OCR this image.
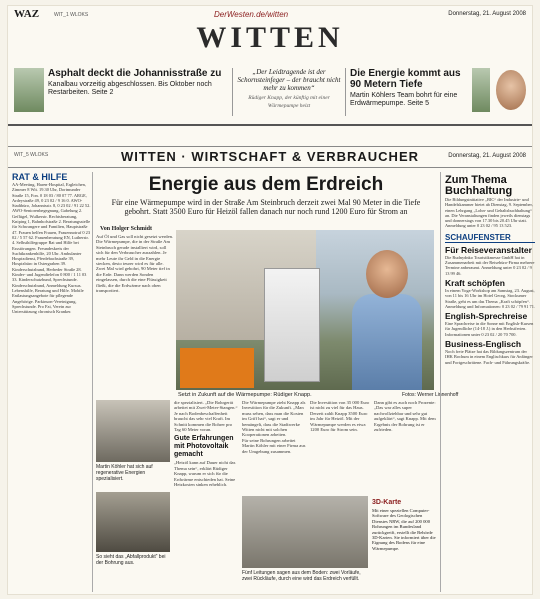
WAZ	WIT_1 WLOKS	DerWesten.de/witten	Donnerstag, 21. August 2008
WITTEN
Asphalt deckt die Johannisstraße zu
Kanalbau vorzeitig abgeschlossen. Bis Oktober noch Restarbeiten. Seite 2
„Der Leidtragende ist der Schornsteinfeger – der braucht nicht mehr zu kommen“
Rüdiger Knapp, der künftig mit einer Wärmepumpe heizt
Die Energie kommt aus 90 Metern Tiefe
Martin Köhlers Team bohrt für eine Erdwärmepumpe. Seite 5
WIT_5 WLOKS	WITTEN · WIRTSCHAFT & VERBRAUCHER	Donnerstag, 21. August 2008
RAT & HILFE
AA-Meeting, Haren-Hospital, Ergleichen, Zimmer 8 Wit. 19.30 Uhr, Dortmunder Straße 15, Fon. 0 18 03 / 80 07 77. ARGE, Ardeystraße 49, 0 23 02 / 9 16 0. AWO-Stadtbüro, Johannisstr. 8, 0 23 02 / 91 22 52. AWO-Seniorenbegegnung, Gabelung 2. Geflügel, Wulkerstr. Rechtsberatung, Kniping 1, Bahnhofstraße 2. Beratungsstelle für Schwangere und Familien, Hauptstraße 47. Frauen helfen Frauen, Frauennotruf 0 23 02 / 5 57 62. Frauenberatung EN, Lutherstr. 4. Selbsthilfegruppe Rat und Hilfe bei Essstörungen. Freundeskreis der Suchtkrankenhilfe, 20 Uhr. Ambulanter Hospizdienst, Pferdebachstraße 39, Hospizbüro in Ostergraben 39. Kinderschutzbund, Herbeder Straße 28. Kinder- und Jugendtelefon 0 800 / 1 11 03 33. Kinderschutzbund, Sprechstunde. Kinderschutzbund, Anmeldung Kursus. Lebenshilfe, Beratung und Hilfe. Mobile Entlastungsangebote für pflegende Angehörige. Parkinson-Vereinigung, Sprechstunde. Pro Fai, Verein zur Unterstützung chronisch Kranker.
Energie aus dem Erdreich
Für eine Wärmepumpe wird in der Straße Am Steinbruch derzeit zwei Mal 90 Meter in die Tiefe gebohrt. Statt 3500 Euro für Heizöl fallen danach nur noch rund 1200 Euro für Strom an
Von Holger Schmidt
Auf Öl und Gas soll nicht gesetzt werden. Die Wärmepumpe, die in der Straße Am Steinbruch gerade installiert wird, soll sich für den Verbraucher auszahlen. Je mehr Leute ihr Geld in die Energie stecken, desto teurer wird es für alle. Zwei Mal wird gebohrt, 90 Meter tief in die Erde. Dann werden Sonden eingelassen, durch die eine Flüssigkeit fließt, die die Erdwärme nach oben transportiert.
Setzt in Zukunft auf die Wärmepumpe: Rüdiger Knapp.	Fotos: Werner Linnenhoff
Martin Köhler hat sich auf regenerative Energien spezialisiert.
So sieht das „Abfallprodukt“ bei der Bohrung aus.
die spezialisiert. „Die Bohrgerät arbeitet mit Zwei-Meter-Stangen.“ Je nach Bodenbeschaffenheit braucht das sehr viel Kraft. Im Schnitt kommen die Bohrer pro Tag 60 Meter voran.
Gute Erfahrungen mit Photovoltaik gemacht
„Heizöl kann auf Dauer nicht das Thema sein“, erklärt Rüdiger Knapp, warum er sich für die Erdwärme entschieden hat. Seine Heizkosten sinken erheblich.
Die Wärmepumpe zieht Knapp als Investition für die Zukunft. „Man muss sehen, dass man die Kosten im Griff hat“, sagt er und bemängelt, dass die Stadtwerke Witten nicht mit solchen Kooperationen arbeiten.
Für seine Bohrungen arbeitet Martin Köhler mit einer Firma aus der Umgebung zusammen.
Die Investition von 35 000 Euro ist nicht zu viel für das Haus. Derzeit zahlt Knapp 3500 Euro im Jahr für Heizöl. Mit der Wärmepumpe werden es etwa 1200 Euro für Strom sein.
Dann gibt es auch noch Prozente: „Das war alles super nachvollziehbar und sehr gut aufgeklärt“, sagt Knapp. Mit dem Ergebnis der Bohrung ist er zufrieden.
Fünf Leitungen sagen aus dem Boden: zwei Vorläufe, zwei Rückläufe, durch eine wird das Erdreich verfüllt.
3D-Karte
Mit einer speziellen Computer-Software des Geologischen Dienstes NRW, die auf 200 000 Bohrungen im Bundesland zurückgreift, erstellt die Behörde 3D-Karten. Sie informiert über die Eignung des Bodens für eine Wärmepumpe.
Zum Thema Buchhaltung
Die Bildungsinitiative „BIC“ der Industrie- und Handelskammer bietet ab Dienstag, 9. September, einen Lehrgang „Lohn- und Gehaltsbuchhaltung“ an. Die Veranstaltungen finden jeweils dienstags und donnerstags von 17.30 bis 20.45 Uhr statt. Anmeldung unter 0 23 02 / 95 13 523.
SCHAUFENSTER
Für Reiseveranstalter
Die Rudnydnko Touristikmesse GmbH hat in Zusammenarbeit mit der Reisebüro-Firma mehrere Termine anberaumt. Anmeldung unter 0 23 02 / 9 13 99 46.
Kraft schöpfen
In einem Yoga-Workshop am Samstag, 23. August, von 11 bis 16 Uhr im Hotel Georg, Stockumer Straße, geht es um das Thema „Kraft schöpfen“. Anmeldung und Informationen: 0 23 02 / 79 91 71.
English-Sprechreise
Eine Sprachreise in die Sonne mit English-Kursen für Jugendliche (14-18 J.) in den Herbstferien. Informationen unter 0 23 02 / 20 70 700.
Business-Englisch
Noch freie Plätze hat das Bildungszentrum der IHK Bochum in einem Englischkurs für Anfänger und Fortgeschrittene. Fach- und Führungskräfte.
